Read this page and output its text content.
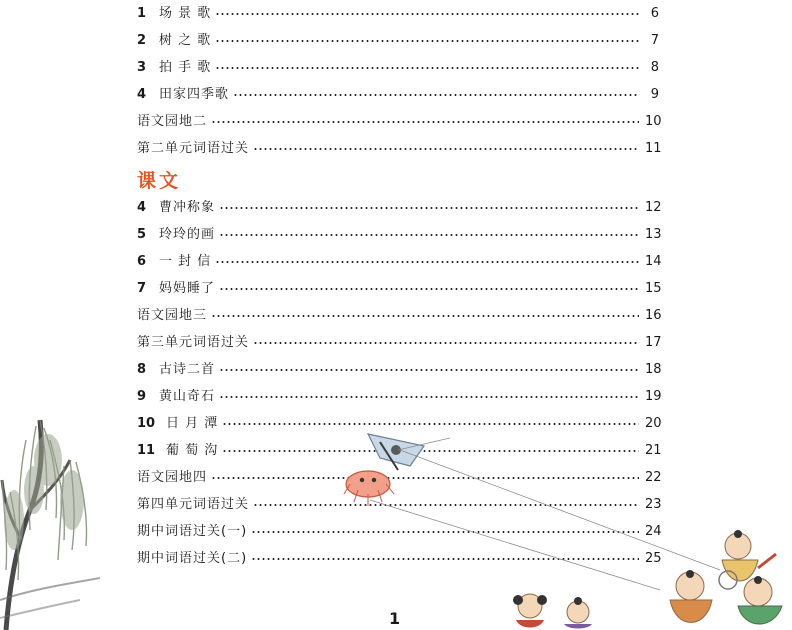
1 场 景 歌	6
2 树 之 歌	7
3 拍 手 歌	8
4 田家四季歌	9
语文园地二	10
第二单元词语过关	11
课文
4 曹冲称象	12
5 玲玲的画	13
6 一 封 信	14
7 妈妈睡了	15
语文园地三	16
第三单元词语过关	17
8 古诗二首	18
9 黄山奇石	19
10 日 月 潭	20
11 葡 萄 沟	21
语文园地四	22
第四单元词语过关	23
期中词语过关(一)	24
期中词语过关(二)	25
1
